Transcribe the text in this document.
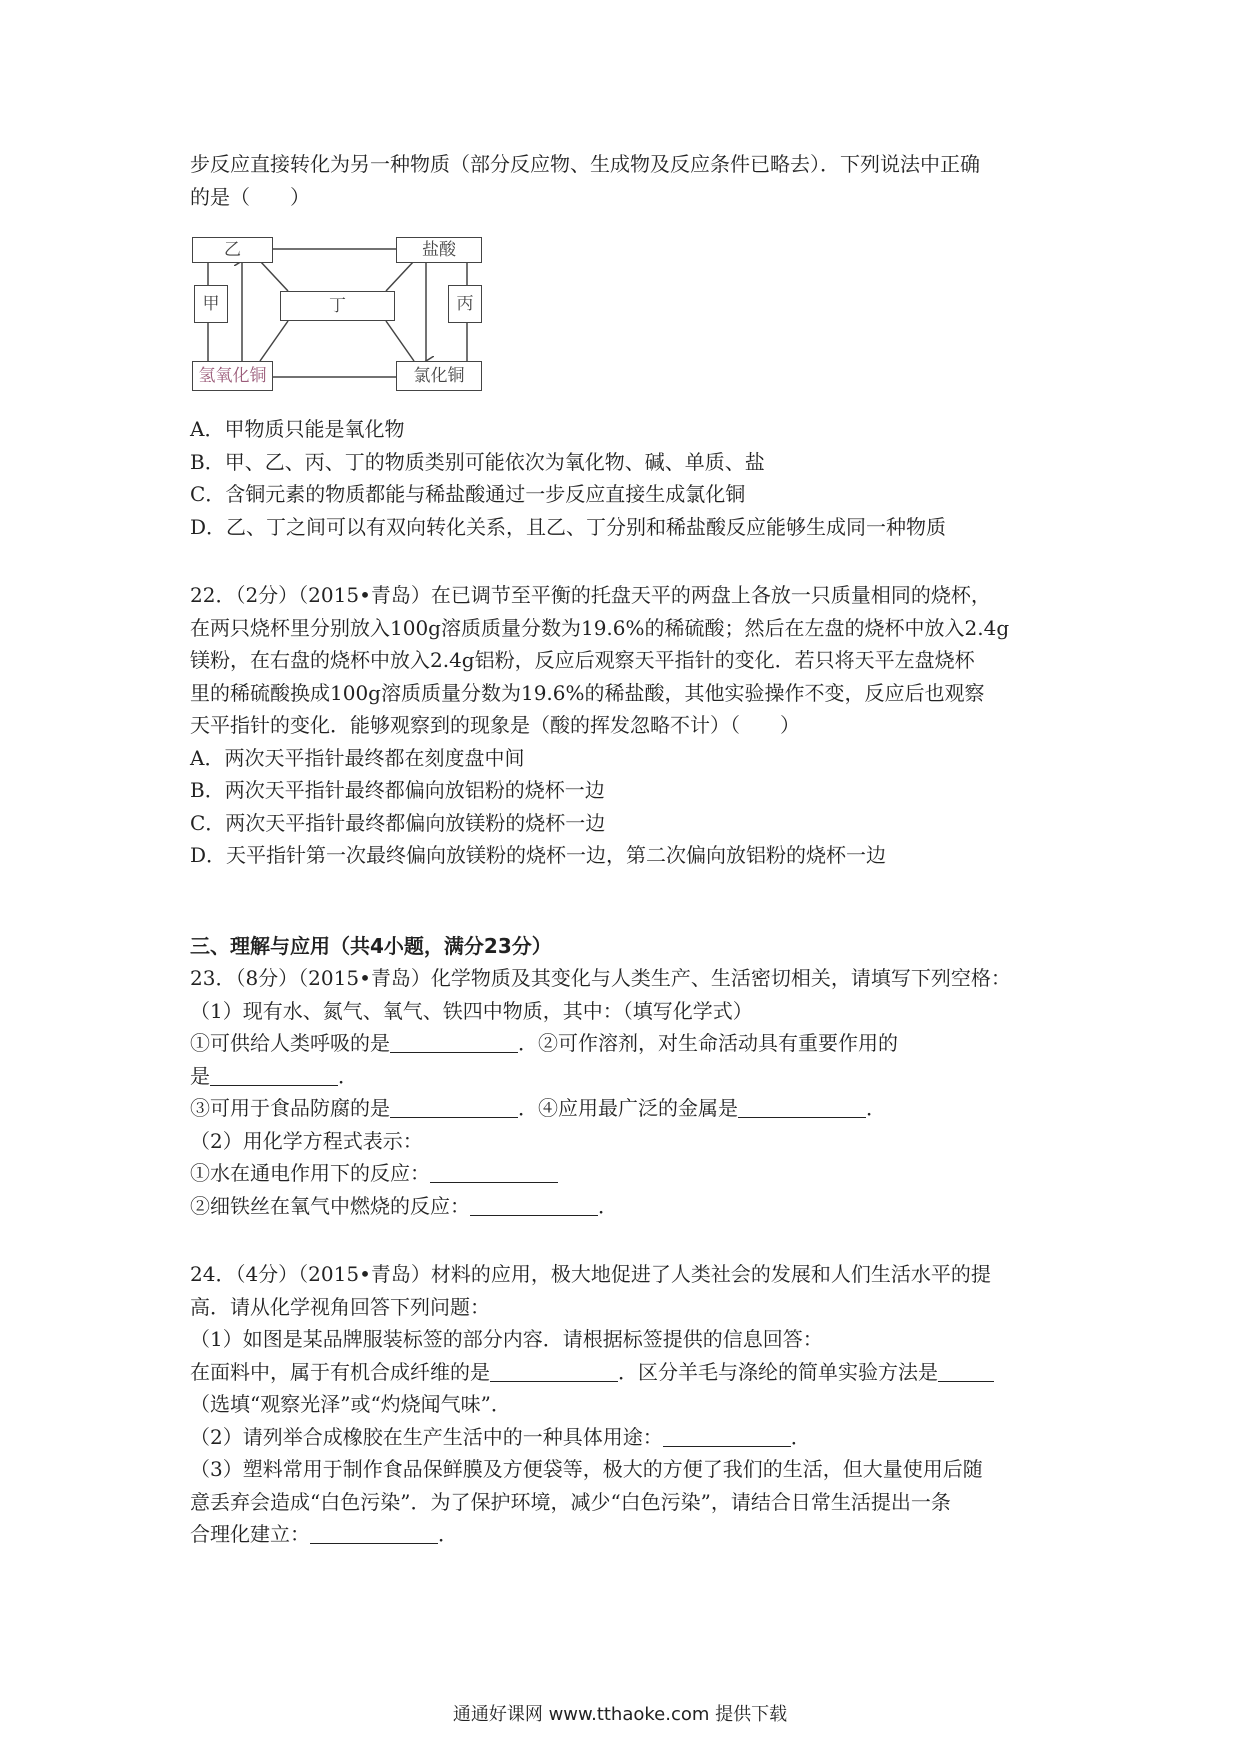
步反应直接转化为另一种物质（部分反应物、生成物及反应条件已略去）．下列说法中正确
的是（　　）
乙	盐酸
甲	丁	丙
氢氧化铜	氯化铜
A．甲物质只能是氧化物
B．甲、乙、丙、丁的物质类别可能依次为氧化物、碱、单质、盐
C．含铜元素的物质都能与稀盐酸通过一步反应直接生成氯化铜
D．乙、丁之间可以有双向转化关系，且乙、丁分别和稀盐酸反应能够生成同一种物质
22．（2分）（2015•青岛）在已调节至平衡的托盘天平的两盘上各放一只质量相同的烧杯，
在两只烧杯里分别放入100g溶质质量分数为19.6%的稀硫酸；然后在左盘的烧杯中放入2.4g
镁粉，在右盘的烧杯中放入2.4g铝粉，反应后观察天平指针的变化．若只将天平左盘烧杯
里的稀硫酸换成100g溶质质量分数为19.6%的稀盐酸，其他实验操作不变，反应后也观察
天平指针的变化．能够观察到的现象是（酸的挥发忽略不计）（　　）
A．两次天平指针最终都在刻度盘中间
B．两次天平指针最终都偏向放铝粉的烧杯一边
C．两次天平指针最终都偏向放镁粉的烧杯一边
D．天平指针第一次最终偏向放镁粉的烧杯一边，第二次偏向放铝粉的烧杯一边
三、理解与应用（共4小题，满分23分）
23．（8分）（2015•青岛）化学物质及其变化与人类生产、生活密切相关，请填写下列空格：
（1）现有水、氮气、氧气、铁四中物质，其中：（填写化学式）
①可供给人类呼吸的是	．②可作溶剂，对生命活动具有重要作用的
是	．
③可用于食品防腐的是	．④应用最广泛的金属是	．
（2）用化学方程式表示：
①水在通电作用下的反应：
②细铁丝在氧气中燃烧的反应：	．
24．（4分）（2015•青岛）材料的应用，极大地促进了人类社会的发展和人们生活水平的提
高．请从化学视角回答下列问题：
（1）如图是某品牌服装标签的部分内容．请根据标签提供的信息回答：
在面料中，属于有机合成纤维的是	．区分羊毛与涤纶的简单实验方法是
（选填“观察光泽”或“灼烧闻气味”．
（2）请列举合成橡胶在生产生活中的一种具体用途：	．
（3）塑料常用于制作食品保鲜膜及方便袋等，极大的方便了我们的生活，但大量使用后随
意丢弃会造成“白色污染”．为了保护环境，减少“白色污染”，请结合日常生活提出一条
合理化建立：	．
通通好课网 www.tthaoke.com 提供下载
